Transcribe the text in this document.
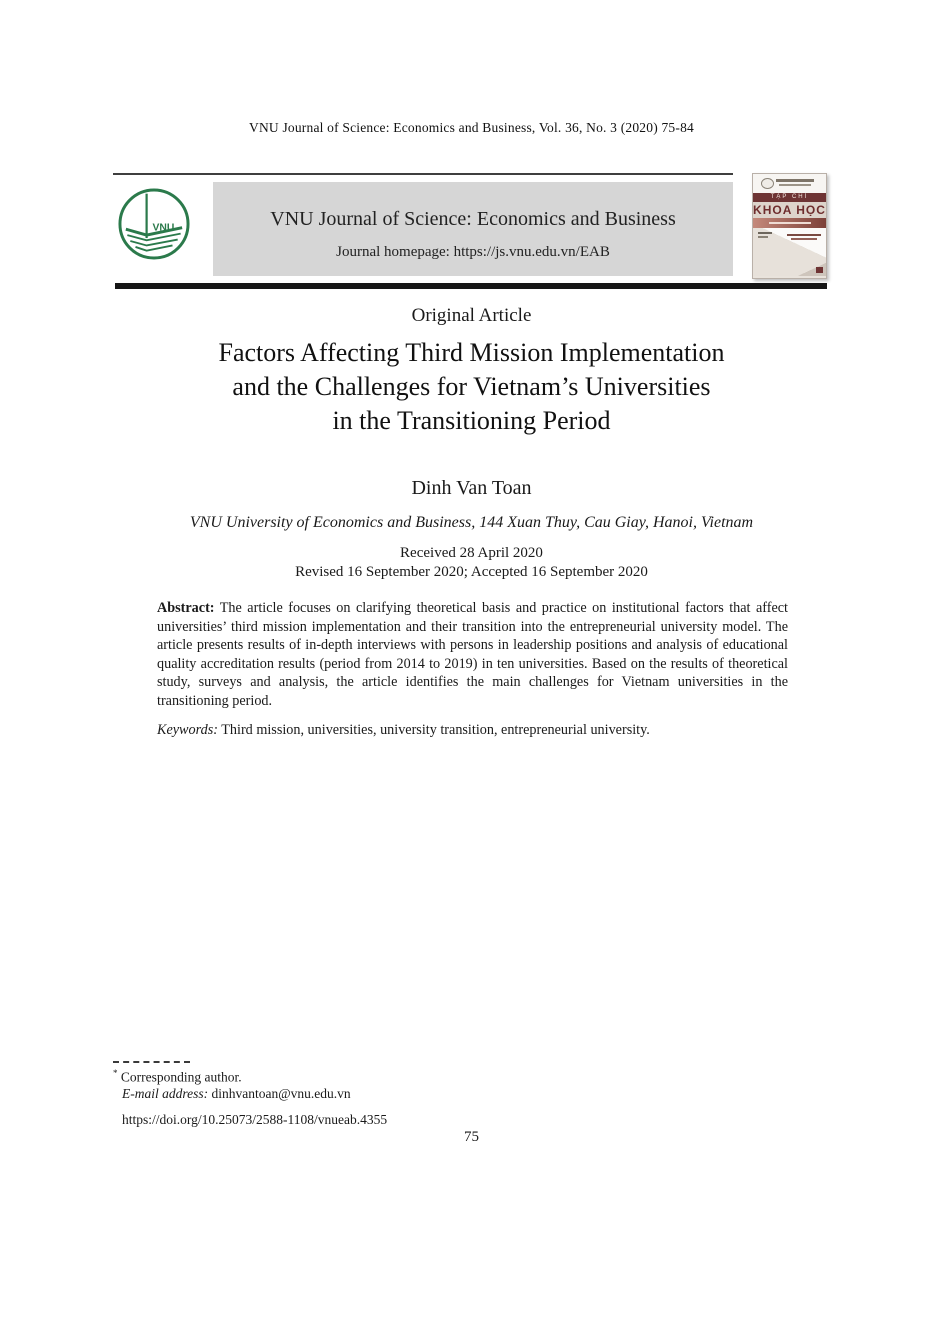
VNU Journal of Science: Economics and Business, Vol. 36, No. 3 (2020) 75-84
VNU	VNU Journal of Science: Economics and Business
Journal homepage: https://js.vnu.edu.vn/EAB
TẠP CHÍ
KHOA HỌC
Original Article
Factors Affecting Third Mission Implementation
and the Challenges for Vietnam’s Universities
in the Transitioning Period
Dinh Van Toan
VNU University of Economics and Business, 144 Xuan Thuy, Cau Giay, Hanoi, Vietnam
Received 28 April 2020
Revised 16 September 2020; Accepted 16 September 2020
Abstract: The article focuses on clarifying theoretical basis and practice on institutional factors that affect universities’ third mission implementation and their transition into the entrepreneurial university model. The article presents results of in-depth interviews with persons in leadership positions and analysis of educational quality accreditation results (period from 2014 to 2019) in ten universities. Based on the results of theoretical study, surveys and analysis, the article identifies the main challenges for Vietnam universities in the transitioning period.
Keywords: Third mission, universities, university transition, entrepreneurial university.
* Corresponding author.
E-mail address: dinhvantoan@vnu.edu.vn
https://doi.org/10.25073/2588-1108/vnueab.4355
75
